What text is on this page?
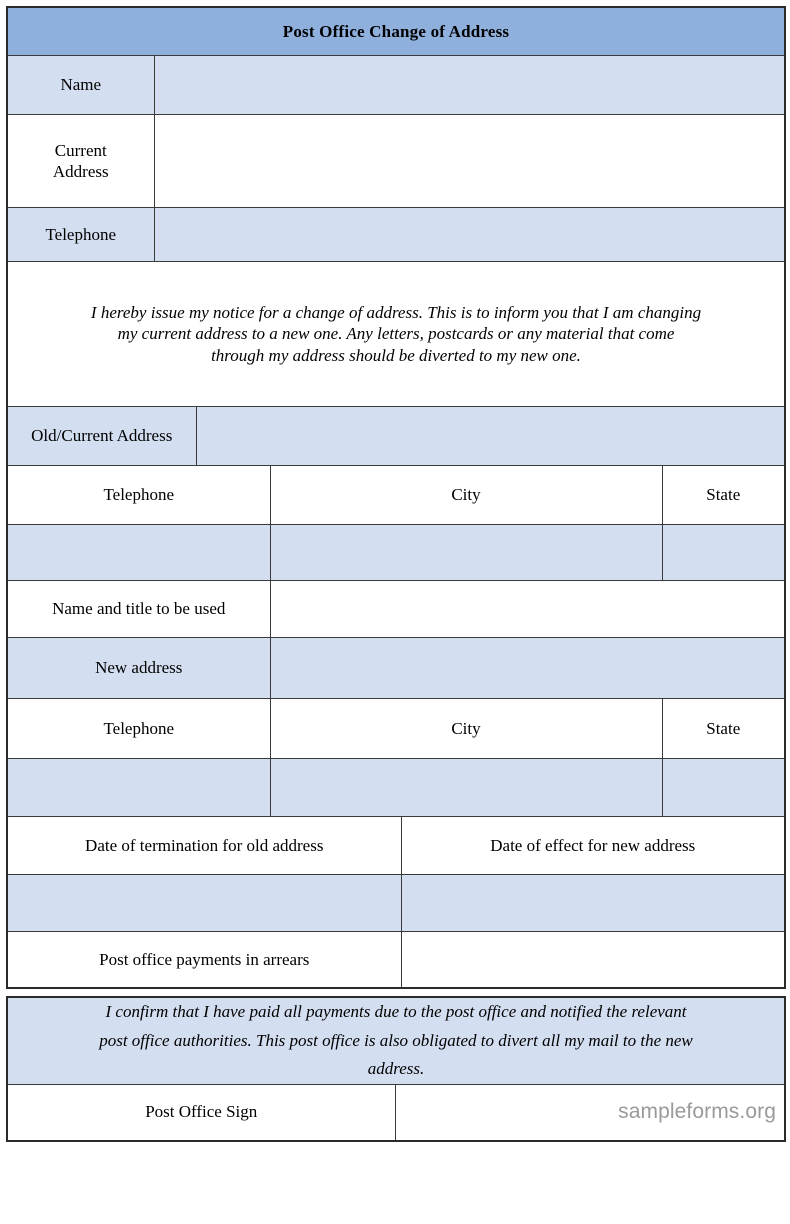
Post Office Change of Address					
Name					

Current
Address					

Telephone					

I hereby issue my notice for a change of address. This is to inform you that I am changing
my current address to a new one. Any letters, postcards or any material that come
through my address should be diverted to my new one.					

Old/Current Address					
Telephone			City		State

Name and title to be used					
New address					
Telephone			City		State

Date of termination for old address				Date of effect for new address	

Post office payments in arrears					
I confirm that I have paid all payments due to the post office and notified the relevant
post office authorities. This post office is also obligated to divert all my mail to the new
address.

Post Office Sign	sampleforms.org
